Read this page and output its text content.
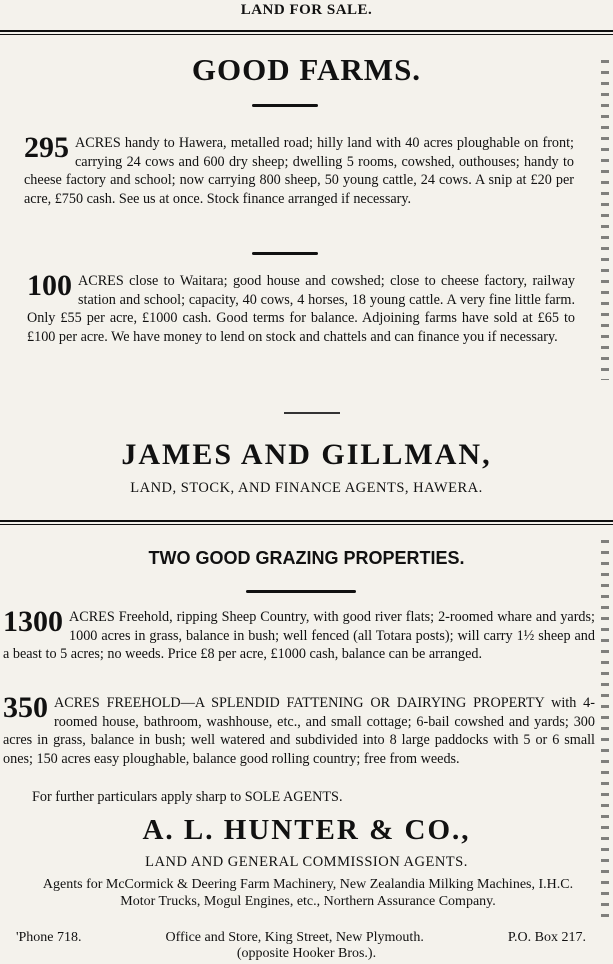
LAND FOR SALE.
GOOD FARMS.
295 ACRES handy to Hawera, metalled road; hilly land with 40 acres ploughable on front; carrying 24 cows and 600 dry sheep; dwelling 5 rooms, cowshed, outhouses; handy to cheese factory and school; now carrying 800 sheep, 50 young cattle, 24 cows. A snip at £20 per acre, £750 cash. See us at once. Stock finance arranged if necessary.
100 ACRES close to Waitara; good house and cowshed; close to cheese factory, railway station and school; capacity, 40 cows, 4 horses, 18 young cattle. A very fine little farm. Only £55 per acre, £1000 cash. Good terms for balance. Adjoining farms have sold at £65 to £100 per acre. We have money to lend on stock and chattels and can finance you if necessary.
JAMES AND GILLMAN,
LAND, STOCK, AND FINANCE AGENTS, HAWERA.
TWO GOOD GRAZING PROPERTIES.
1300 ACRES Freehold, ripping Sheep Country, with good river flats; 2-roomed whare and yards; 1000 acres in grass, balance in bush; well fenced (all Totara posts); will carry 1½ sheep and a beast to 5 acres; no weeds. Price £8 per acre, £1000 cash, balance can be arranged.
350 ACRES FREEHOLD—A SPLENDID FATTENING OR DAIRYING PROPERTY with 4-roomed house, bathroom, washhouse, etc., and small cottage; 6-bail cowshed and yards; 300 acres in grass, balance in bush; well watered and subdivided into 8 large paddocks with 5 or 6 small ones; 150 acres easy ploughable, balance good rolling country; free from weeds.
For further particulars apply sharp to SOLE AGENTS.
A. L. HUNTER & CO.,
LAND AND GENERAL COMMISSION AGENTS.
Agents for McCormick & Deering Farm Machinery, New Zealandia Milking Machines, I.H.C. Motor Trucks, Mogul Engines, etc., Northern Assurance Company.
'Phone 718.	Office and Store, King Street, New Plymouth.	P.O. Box 217.
(opposite Hooker Bros.).
